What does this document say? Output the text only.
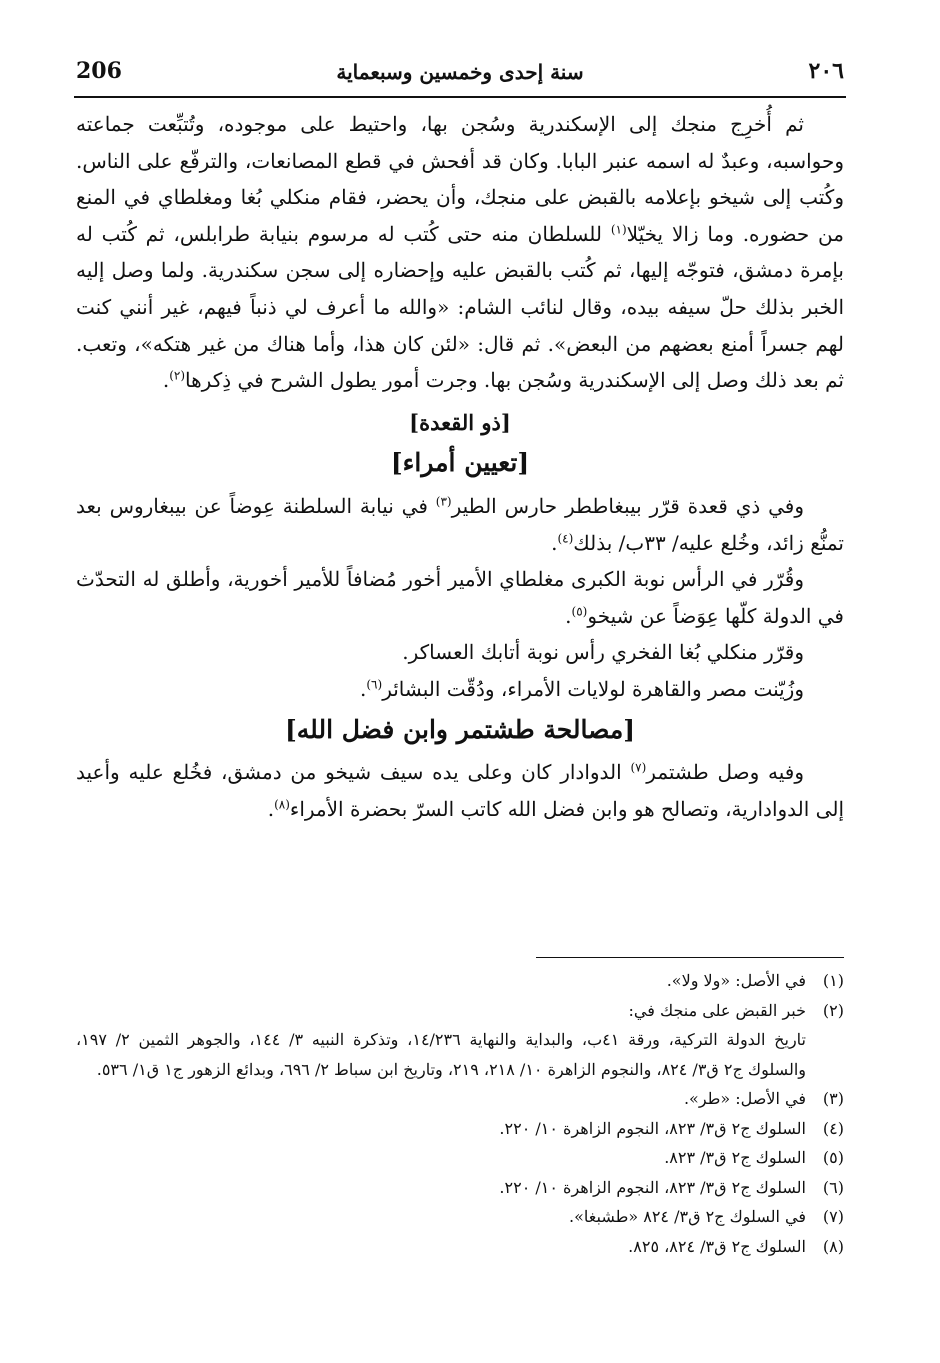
206	سنة إحدى وخمسين وسبعماية	٢٠٦

ثم أُخرِج منجك إلى الإسكندرية وسُجن بها، واحتيط على موجوده، وتُتبِّعت جماعته وحواسبه، وعبدٌ له اسمه عنبر البابا. وكان قد أفحش في قطع المصانعات، والترفّع على الناس. وكُتب إلى شيخو بإعلامه بالقبض على منجك، وأن يحضر، فقام منكلي بُغا ومغلطاي في المنع من حضوره. وما زالا يخيّلا$^{(١)}$ للسلطان منه حتى كُتب له مرسوم بنيابة طرابلس، ثم كُتب له بإمرة دمشق، فتوجّه إليها، ثم كُتب بالقبض عليه وإحضاره إلى سجن سكندرية. ولما وصل إليه الخبر بذلك حلّ سيفه بيده، وقال لنائب الشام: «والله ما أعرف لي ذنباً فيهم، غير أنني كنت لهم جسراً أمنع بعضهم من البعض». ثم قال: «لئن كان هذا، وأما هناك من غير هتكه»، وتعب. ثم بعد ذلك وصل إلى الإسكندرية وسُجن بها. وجرت أمور يطول الشرح في ذِكرها$^{(٢)}$.

[ذو القعدة]
[تعيين أمراء]

وفي ذي قعدة قرّر بيبغاططر حارس الطير$^{(٣)}$ في نيابة السلطنة عِوضاً عن بيبغاروس بعد تمنُّع زائد، وخُلع عليه/ ٣٣ب/ بذلك$^{(٤)}$.

وقُرّر في الرأس نوبة الكبرى مغلطاي الأمير أخور مُضافاً للأمير أخورية، وأطلق له التحدّث في الدولة كلّها عِوَضاً عن شيخو$^{(٥)}$.

وقرّر منكلي بُغا الفخري رأس نوبة أتابك العساكر.

وزُيّنت مصر والقاهرة لولايات الأمراء، ودُقّت البشائر$^{(٦)}$.

[مصالحة طشتمر وابن فضل الله]

وفيه وصل طشتمر$^{(٧)}$ الدوادار كان وعلى يده سيف شيخو من دمشق، فخُلع عليه وأعيد إلى الدوادارية، وتصالح هو وابن فضل الله كاتب السرّ بحضرة الأمراء$^{(٨)}$.

(١)
في الأصل: «ولا ولا».
(٢)
خبر القبض على منجك في:
تاريخ الدولة التركية، ورقة ٤١ب، والبداية والنهاية ١٤/٢٣٦، وتذكرة النبيه ٣/ ١٤٤، والجوهر الثمين ٢/ ١٩٧، والسلوك ج٢ ق٣/ ٨٢٤، والنجوم الزاهرة ١٠/ ٢١٨، ٢١٩، وتاريخ ابن سباط ٢/ ٦٩٦، وبدائع الزهور ج١ ق١/ ٥٣٦.
(٣)
في الأصل: «طر».
(٤)
السلوك ج٢ ق٣/ ٨٢٣، النجوم الزاهرة ١٠/ ٢٢٠.
(٥)
السلوك ج٢ ق٣/ ٨٢٣.
(٦)
السلوك ج٢ ق٣/ ٨٢٣، النجوم الزاهرة ١٠/ ٢٢٠.
(٧)
في السلوك ج٢ ق٣/ ٨٢٤ «طشبغا».
(٨)
السلوك ج٢ ق٣/ ٨٢٤، ٨٢٥.
